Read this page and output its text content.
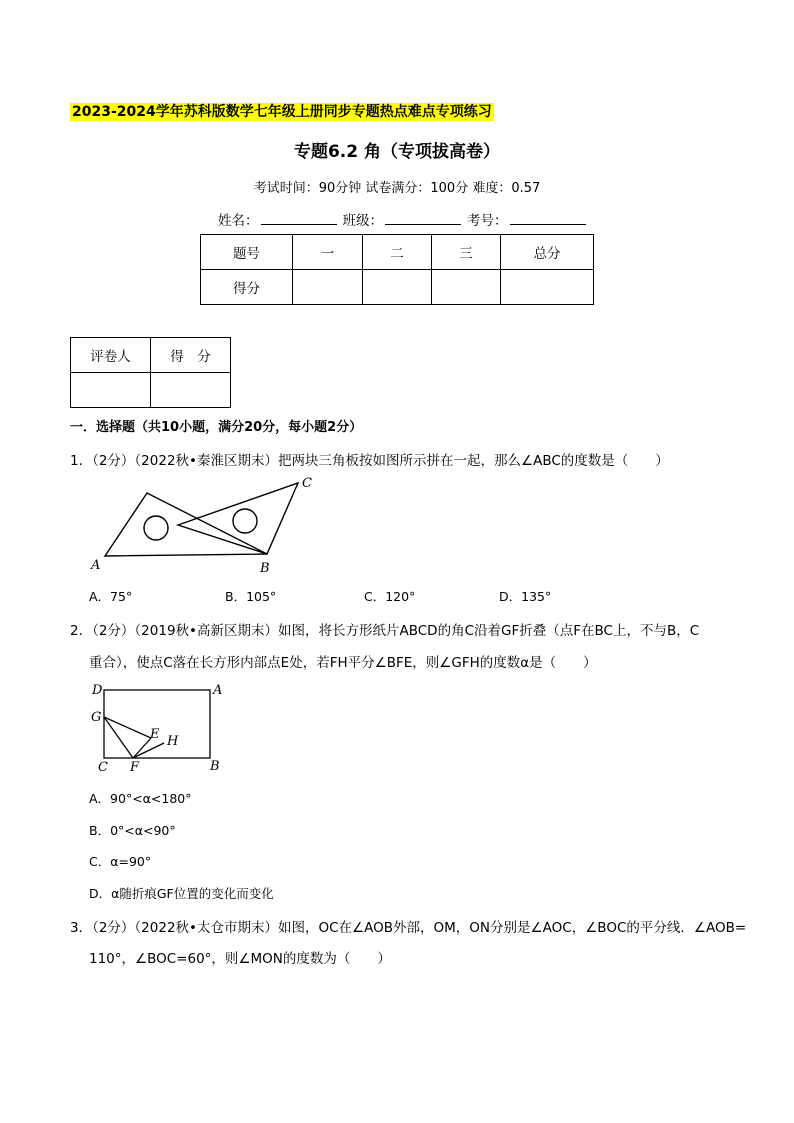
2023-2024学年苏科版数学七年级上册同步专题热点难点专项练习
专题6.2 角（专项拔高卷）
考试时间：90分钟 试卷满分：100分 难度：0.57
姓名：	班级：	考号：
题号	一	二	三	总分
得分				
评卷人	得　分

一．选择题（共10小题，满分20分，每小题2分）
1．（2分）（2022秋•秦淮区期末）把两块三角板按如图所示拼在一起，那么∠ABC的度数是（　　）
A	B
C
A．75°	B．105°	C．120°	D．135°
2．（2分）（2019秋•高新区期末）如图，将长方形纸片ABCD的角C沿着GF折叠（点F在BC上，不与B，C
重合），使点C落在长方形内部点E处，若FH平分∠BFE，则∠GFH的度数α是（　　）
D	A
G
E H
C F	B
A．90°<α<180°
B．0°<α<90°
C．α=90°
D．α随折痕GF位置的变化而变化
3．（2分）（2022秋•太仓市期末）如图，OC在∠AOB外部，OM，ON分别是∠AOC，∠BOC的平分线．∠AOB=
110°，∠BOC=60°，则∠MON的度数为（　　）
